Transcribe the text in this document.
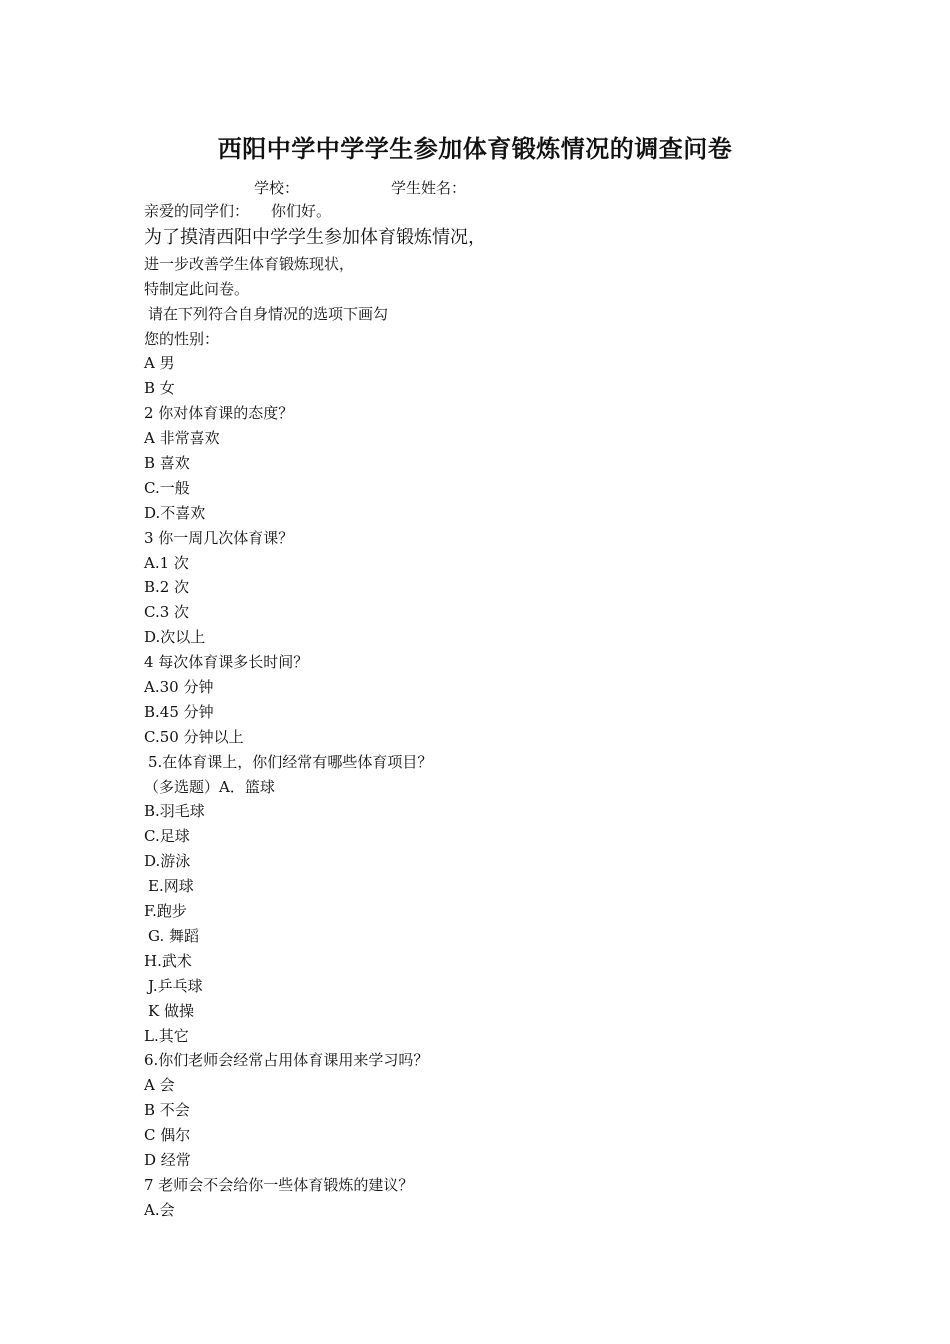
西阳中学中学学生参加体育锻炼情况的调查问卷
学校：	学生姓名：
亲爱的同学们： 你们好。
为了摸清西阳中学学生参加体育锻炼情况，
进一步改善学生体育锻炼现状，
特制定此问卷。
请在下列符合自身情况的选项下画勾
您的性别：
A 男
B 女
2 你对体育课的态度？
A 非常喜欢
B 喜欢
C.一般
D.不喜欢
3 你一周几次体育课？
A.1 次
B.2 次
C.3 次
D.次以上
4 每次体育课多长时间？
A.30 分钟
B.45 分钟
C.50 分钟以上
5.在体育课上，你们经常有哪些体育项目？
（多选题）A．篮球
B.羽毛球
C.足球
D.游泳
E.网球
F.跑步
G. 舞蹈
H.武术
J.乒乓球
K 做操
L.其它
6.你们老师会经常占用体育课用来学习吗？
A 会
B 不会
C 偶尔
D 经常
7 老师会不会给你一些体育锻炼的建议？
A.会
